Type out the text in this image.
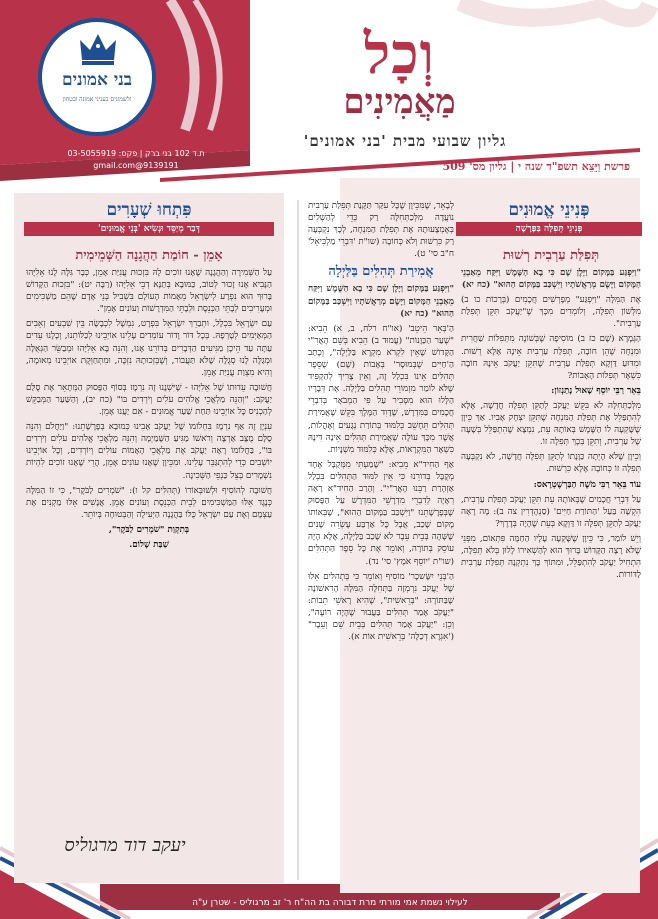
וְכָל
מַאֲמִינִים
גליון שבועי מבית 'בני אמונים'
פרשת וַיֵּצֵא תשפ"ד שנה י | גליון מס' 509
בני אמונים
ולשמונים בעניני אמונה ובטחון
ת.ד 102 בני ברק | פקס: 03-5055919
9139191@gmail.com
פְּנִינֵי אֱמוּנִים
פְּנִינֵי תְּפִלָּה בַּפָּרָשָׁה
תְּפִלַּת עַרְבִית רְשׁוּת

"וַיִּפְגַּע בַּמָּקוֹם וַיָּלֶן שָׁם כִּי בָא הַשֶּׁמֶשׁ וַיִּקַּח מֵאַבְנֵי הַמָּקוֹם וַיָּשֶׂם מְרַאֲשֹׁתָיו וַיִּשְׁכַּב בַּמָּקוֹם הַהוּא" (כח יא)

אֶת הַמִּלָּה "וַיִּפְגַּע" מְפָרְשִׁים חֲכָמִים (בְּרָכוֹת כו ב) מִלְּשׁוֹן תְּפִלָּה, וְלוֹמְדִים מִכָּךְ שֶׁ"יַעֲקֹב תִּקֵּן תְּפִלַּת עַרְבִית".

הַגְּמָרָא (שָׁם כז ב) מוֹסִיפָה שֶׁבְּשׁוֹנֶה מִתְּפִלּוֹת שַׁחֲרִית וּמִנְחָה שֶׁהֵן חוֹבָה, תְּפִלַּת עַרְבִית אֵינָהּ אֶלָּא רְשׁוּת. וּמִדּוּעַ דַּוְקָא תְּפִלַּת עַרְבִית שֶׁתִּקֵּן יַעֲקֹב אֵינָהּ חוֹבָה כִּשְׁאָר תְּפִלּוֹת הָאָבוֹת?

בֵּאֵר רַבֵּי יוֹסֵף שָׁאוּל נָתַנְזוֹן:

מִלְּכַתְּחִלָּה לֹא בִּקֵּשׁ יַעֲקֹב לְתַקֵּן תְּפִלָּה חֲדָשָׁה, אֶלָּא לְהִתְפַּלֵּל אֶת תְּפִלַּת הַמִּנְחָה שֶׁתִּקֵּן יִצְחָק אָבִיו. אַךְ כֵּיוָן שֶׁשָּׁקְעָה לוֹ הַשֶּׁמֶשׁ בְּאוֹתָהּ עֵת, נִמְצָא שֶׁהִתְפַּלֵּל בְּשָׁעָה שֶׁל עַרְבִית, וְתִקֵּן בְּכָךְ תְּפִלָּה זוֹ.

וְכֵיוָן שֶׁלֹּא הָיְתָה כַּוָּנָתוֹ לְתַקֵּן תְּפִלָּה חֲדָשָׁה, לֹא נִקְבְּעָה תְּפִלָּה זוֹ כְּחוֹבָה אֶלָּא כִּרְשׁוּת.

עוֹד בֵּאֵר רַבִּי מֹשֶׁה הַבַּרְשֶׁטְרָאס:

עַל דִּבְרֵי חֲכָמִים שֶׁבְּאוֹתָהּ עֵת תִּקֵּן יַעֲקֹב תְּפִלַּת עַרְבִית, הִקְשָׁה בַּעַל 'הַתּוֹרַת חַיִּים' (סַנְהֶדְרִין צה ב): מָה רָאָה יַעֲקֹב לְתַקֵּן תְּפִלָּה זוֹ דַּוְקָא בְּעֵת שֶׁהָיָה בְּדֶרֶךְ?

וְיֵשׁ לוֹמַר, כִּי כֵּיוָן שֶׁשָּׁקְעָה עָלָיו הַחַמָּה פִּתְאוֹם, מִפְּנֵי שֶׁלֹּא רָצָה הַקָּדוֹשׁ בָּרוּךְ הוּא לְהַשְׁאִירוֹ לָלוּן בְּלֹא תְּפִלָּה, הִתְחִיל יַעֲקֹב לְהִתְפַּלֵּל, וּמִתּוֹךְ כָּךְ נִתְקְנָה תְּפִלַּת עַרְבִית לַדּוֹרוֹת.

לְבָאֵר, שֶׁמִּכֵּיוָן שֶׁכָּל עִקַּר תַּקָּנַת תְּפִלַּת עַרְבִית נוֹעֲדָה מִלְּכַתְּחִלָּה רַק כְּדֵי לְהַשְׁלִים בְּאֶמְצָעוּתָהּ אֶת תְּפִלַּת הַמִּנְחָה, לְכָךְ נִקְבְּעָה רַק כִּרְשׁוּת וְלֹא כְּחוֹבָה (שו"ת 'דִּבְרֵי מַלְכִּיאֵל' ח"ב סי' ט).

אֲמִירַת תְּהִלִּים בַּלַּיְלָה

"וַיִּפְגַּע בַּמָּקוֹם וַיָּלֶן שָׁם כִּי בָא הַשֶּׁמֶשׁ וַיִּקַּח מֵאַבְנֵי הַמָּקוֹם וַיָּשֶׂם מְרַאֲשֹׁתָיו וַיִּשְׁכַּב בַּמָּקוֹם הַהוּא" (כח יא)

הַ'בְּאֵר הֵיטֵב' (או"ח רלח, ב, א) הֵבִיא: "שֶׁעַר הַכַּוָּנוֹת" (עֲמוּד ב) הֵבִיא בְּשֵׁם הָאֲרִ"י הַקָּדוֹשׁ שֶׁאֵין לִקְרֹא מִקְרָא בַּלַּיְלָה", וְכָתַב הַ'חַיִּים שֶׁבְּמוּסָר' בְּאָבוֹת (שָׁם) שֶׁסֵּפֶר תְּהִלִּים אֵינוֹ בִּכְלַל זֶה, וְאֵין צָרִיךְ לְהַקְפִּיד שֶׁלֹּא לוֹמַר מִזְמוֹרֵי תְהִלִּים בַּלַּיְלָה. אֶת דְּבָרָיו הַלָּלוּ הוּא מִסְּבִיר עַל פִּי הַמְבֹאָר בְּדִבְרֵי חֲכָמִים בַּמִּדְרָשׁ, שֶׁדָּוִד הַמֶּלֶךְ בִּקֵּשׁ שֶׁאֲמִירַת תְּהִלִּים תֵּחָשֵׁב כְּלִמּוּד בְּתוֹרַת נְגָעִים וְאָהֳלוֹת, אֲשֶׁר מִכָּךְ עוֹלֶה שֶׁאֲמִירַת תְּהִלִּים אֵינָהּ דִּינָהּ כִּשְׁאָר הַמִּקְרָאוֹת, אֶלָּא כְּלִמּוּד מִשְׁנָיוֹת.

אַף הַחִיד"א מֵבִיא: "שָׁמַעְתִּי מִמְּקֻבָּל אֶחָד מְקֻבָּל בְּדוֹרֵנוּ כִּי אֵין לִמּוּד הַתְּהִלִּים בִּכְלַל אַזְהָרַת רַבֵּנוּ הָאֲרִ"י". וְהָרַב הַחִיד"א רָאָה רְאָיָה לְדִבְרֵי מִדְרָשֵׁי הַמִּדְרָשׁ עַל הַפָּסוּק שֶׁבְּפָרָשָׁתֵנוּ "וַיִּשְׁכַּב בַּמָּקוֹם הַהוּא", שֶׁבְּאוֹתוֹ מָקוֹם שָׁכַב, אֲבָל כָּל אַרְבַּע עֶשְׂרֵה שָׁנִים שֶׁשָּׁהָה בְּבֵית עֵבֶר לֹא שָׁכַב בַּלַּיְלָה, אֶלָּא הָיָה עוֹסֵק בְּתוֹרָה, וְאוֹמֵר אֶת כָּל סֵפֶר הַתְּהִלִּים (שו"ת 'יוֹסֵף אֹמֶץ' סי' נד).

הַ'בְּנֵי יִשָּׂשכָר' מוֹסִיף וְאוֹמֵר כִּי בְּתְהִלִּים אֵלּוּ שֶׁל יַעֲקֹב נִרְמְזָה בַּתְּחִלָּה הַמִּלָּה הָרִאשׁוֹנָה שֶׁבַּתּוֹרָה: "בְּרֵאשִׁית", שֶׁהִיא רָאשֵׁי תֵבוֹת: "יַעֲקֹב אָמַר תְּהִלִּים בַּעֲבוּר שֶׁהָיָה רוֹעֶה", וְכֵן: "יַעֲקֹב אָמַר תְּהִלִּים בְּבֵית שֵׁם וְעֵבֶר" ('אִגְרָא דְכַלָּה' בְּרֵאשִׁית אוֹת א).

פִּתְחוּ שְׁעָרִים
דְּבַר מְיַסֵּד וּנְשִׂיא 'בְּנֵי אֱמוּנִים'
אָמֵן - חוֹמַת הַהֲגָנָה הַשְּׁמֵימִית

עַל הַשְּׁמִירָה וְהַהֲגָנָה שֶׁאָנוּ זוֹכִים לָהּ בִּזְכוּת עֲנִיַּת אָמֵן, כְּבָר גִּלָּה לָנוּ אֵלִיָּהוּ הַנָּבִיא אָנוּ זָכוּר לְטוֹב, כַּמּוּבָא בְּתַנָּא דְבֵי אֵלִיָּהוּ (רַבָּה יט): "בִּזְכוּת הַקָּדוֹשׁ בָּרוּךְ הוּא נִפְרָע לְיִשְׂרָאֵל מֵאָמוֹת הָעוֹלָם בִּשְׁבִיל בְּנֵי אָדָם שֶׁהֵם מַשְׁכִּימִים וּמְעָרִיבִים לְבָתֵּי הַכְּנֵסֶת וּלְבָתֵּי הַמִּדְרָשׁוֹת וְעוֹנִים אָמֵן".

עַם יִשְׂרָאֵל בִּכְלָל, וּתְבַרֵךְ יִשְׂרָאֵל בִּפְרָט, נִמְשָׁל לִכְבָשָׂה בֵּין שִׁבְעִים זְאֵבִים הַמְּאַיְּמִים לְטָרְפָהּ. בְּכָל דּוֹר וָדוֹר עוֹמְדִים עָלֵינוּ אוֹיְבֵינוּ לְכַלּוֹתֵנוּ, וְכָלָנוּ עֵדִים עַתָּה עַד הֵיכָן מַגִּיעִים הַדְּבָרִים בְּדוֹרֵנוּ אָנוּ, וְהִנֵּה בָּא אֵלִיָּהוּ וּמְבַשֵּׂר הַגְּאֻלָּה וּמְגַלֶּה לָנוּ סְגֻלָּה שֶׁלֹּא תַּעֲבוֹר, וְשֶׁבְּזְכוּתָהּ נִזְכֶּה, וּמִתְּחַוְּקֻת אוֹיְבֵינוּ מְאוּמָה, וְהִיא מִצְוַת עֲנִיַּת אָמֵן.

חֲשׁוּבָה עֵדוּתוֹ שֶׁל אֵלִיָּהוּ - שֶׁיִּשְׁנָנוּ זֶה נִרְמָז בְּסוֹף הַפָּסוּק הַמְּתָאֵר אֶת סֻלַּם יַעֲקֹב: "וְהַנֵּה מַלְאֲכֵי אֱלֹהִים עֹלִים וְיֹרְדִים בּוֹ" (כח יב), וְהַשַּׁעַר הַמְּבַקֵּשׁ לְהַכְנִיס כָּל אוֹיְבֵינוּ תַּחַת שַׁעַר אֱמוּנִים - אִם יַעֲנוּ אָמֵן.

עִנְיָן זֶה אַף נִרְמָז בִּחְלוֹמוֹ שֶׁל יַעֲקֹב אָבִינוּ כְּמוּבָא בְּפָרָשָׁתֵנוּ: "וַיַּחֲלֹם וְהִנֵּה סֻלָּם מֻצָּב אַרְצָה וְרֹאשׁוֹ מַגִּיעַ הַשָּׁמַיְמָה וְהִנֵּה מַלְאֲכֵי אֱלֹהִים עֹלִים וְיֹרְדִים בּוֹ", בַּחֲלוֹמוֹ רָאָה יַעֲקֹב אֶת מַלְאֲכֵי הָאָמוֹת עוֹלִים וְיוֹרְדִים, וְכָל אוֹיְבֵינוּ יוֹשְׁבִים כְּדֵי לְהִתְגַּבֵּר עָלֵינוּ. וּמִכֵּיוָן שֶׁאָנוּ עוֹנִים אָמֵן, הֲרֵי שֶׁאָנוּ זוֹכִים לִהְיוֹת נִשְׁמָרִים בְּצֵל כַּנְפֵי הַשְּׁכִינָה.

חֲשׁוּבָה לְהוֹסִיף וּלְשׁוּבְּאוֹרוֹ (תְּהִלִּים קל ו): "שֹׁמְרִים לַבֹּקֶר", כִּי זוֹ הַמִּלָּה כְּנֶגֶד אֵלּוּ הַמַּשְׁכִּימִים לְבֵית הַכְּנֵסֶת וְעוֹנִים אָמֵן. אֲנָשִׁים אֵלּוּ מַקְנִים אֶת עַצְמָם וְאֶת עַם יִשְׂרָאֵל כֻּלּוֹ בַּהֲגָנָה הַיְּעִילָה וְהַבְּטוּחָה בְּיוֹתֵר.

בְּתִקְוַת "שֹׁמְרִים לַבֹּקֶר",

שַׁבַּת שָׁלוֹם.

יעקב דוד מרגוליס
לעילוי נשמת אמי מורתי מרת דבורה בת הה"ח ר' זב מרגוליס - שטרן ע"ה
